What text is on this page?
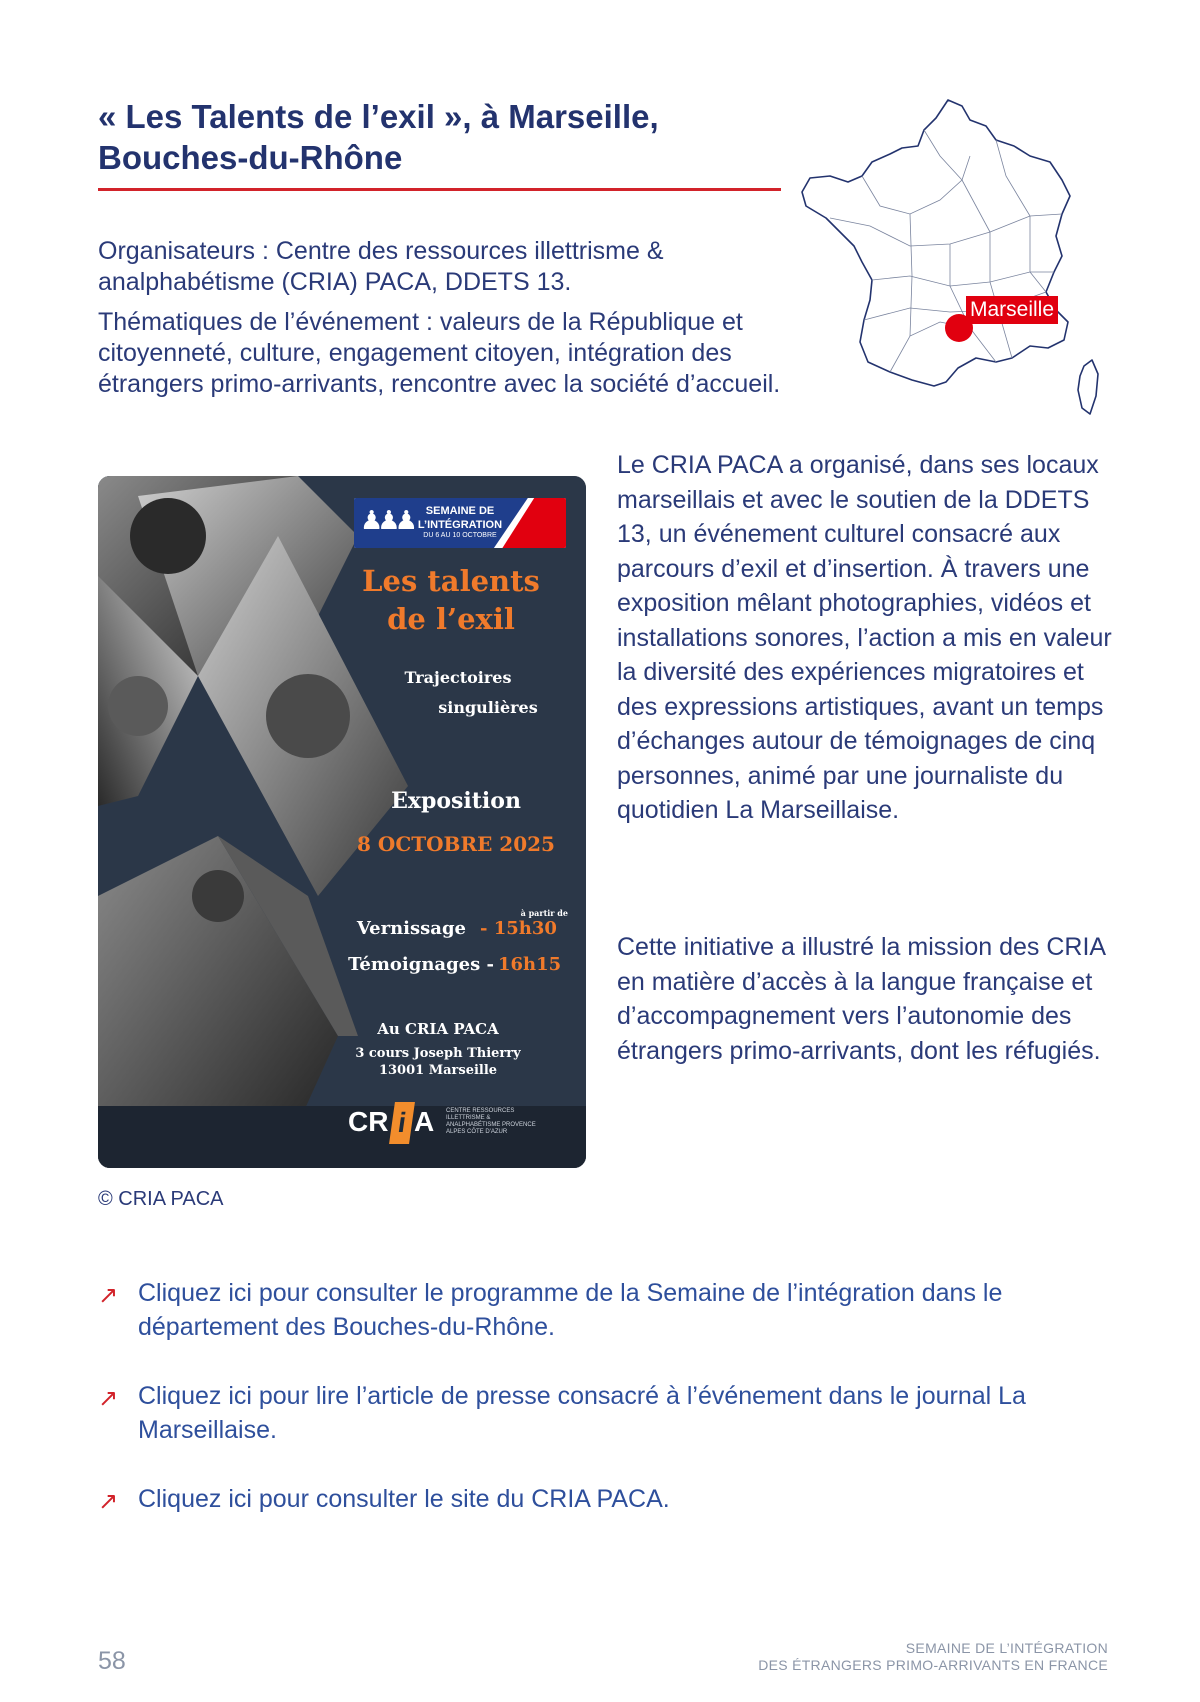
« Les Talents de l’exil », à Marseille,
Bouches-du-Rhône
Organisateurs : Centre des ressources illettrisme & analphabétisme (CRIA) PACA, DDETS 13.
Thématiques de l’événement : valeurs de la République et citoyenneté, culture, engagement citoyen, intégration des étrangers primo-arrivants, rencontre avec la société d’accueil.
Marseille
♟♟♟	SEMAINE DE L’INTÉGRATION
DU 6 AU 10 OCTOBRE
Les talents
de l’exil
Trajectoires
singulières
Exposition
8 OCTOBRE 2025
à partir de
Vernissage - 15h30
Témoignages - 16h15
Au CRIA PACA
3 cours Joseph Thierry
13001 Marseille
CR i A CENTRE RESSOURCES ILLETTRISME & ANALPHABÉTISME PROVENCE ALPES CÔTE D'AZUR
© CRIA PACA
Le CRIA PACA a organisé, dans ses locaux marseillais et avec le soutien de la DDETS 13, un événement culturel consacré aux parcours d’exil et d’insertion. À travers une exposition mêlant photographies, vidéos et installations sonores, l’action a mis en valeur la diversité des expériences migratoires et des expressions artistiques, avant un temps d’échanges autour de témoignages de cinq personnes, animé par une journaliste du quotidien La Marseillaise.
Cette initiative a illustré la mission des CRIA en matière d’accès à la langue française et d’accompagnement vers l’autonomie des étrangers primo-arrivants, dont les réfugiés.
↗ Cliquez ici pour consulter le programme de la Semaine de l’intégration dans le département des Bouches-du-Rhône.
↗ Cliquez ici pour lire l’article de presse consacré à l’événement dans le journal La Marseillaise.
↗ Cliquez ici pour consulter le site du CRIA PACA.
58	SEMAINE DE L’INTÉGRATION
DES ÉTRANGERS PRIMO-ARRIVANTS EN FRANCE
